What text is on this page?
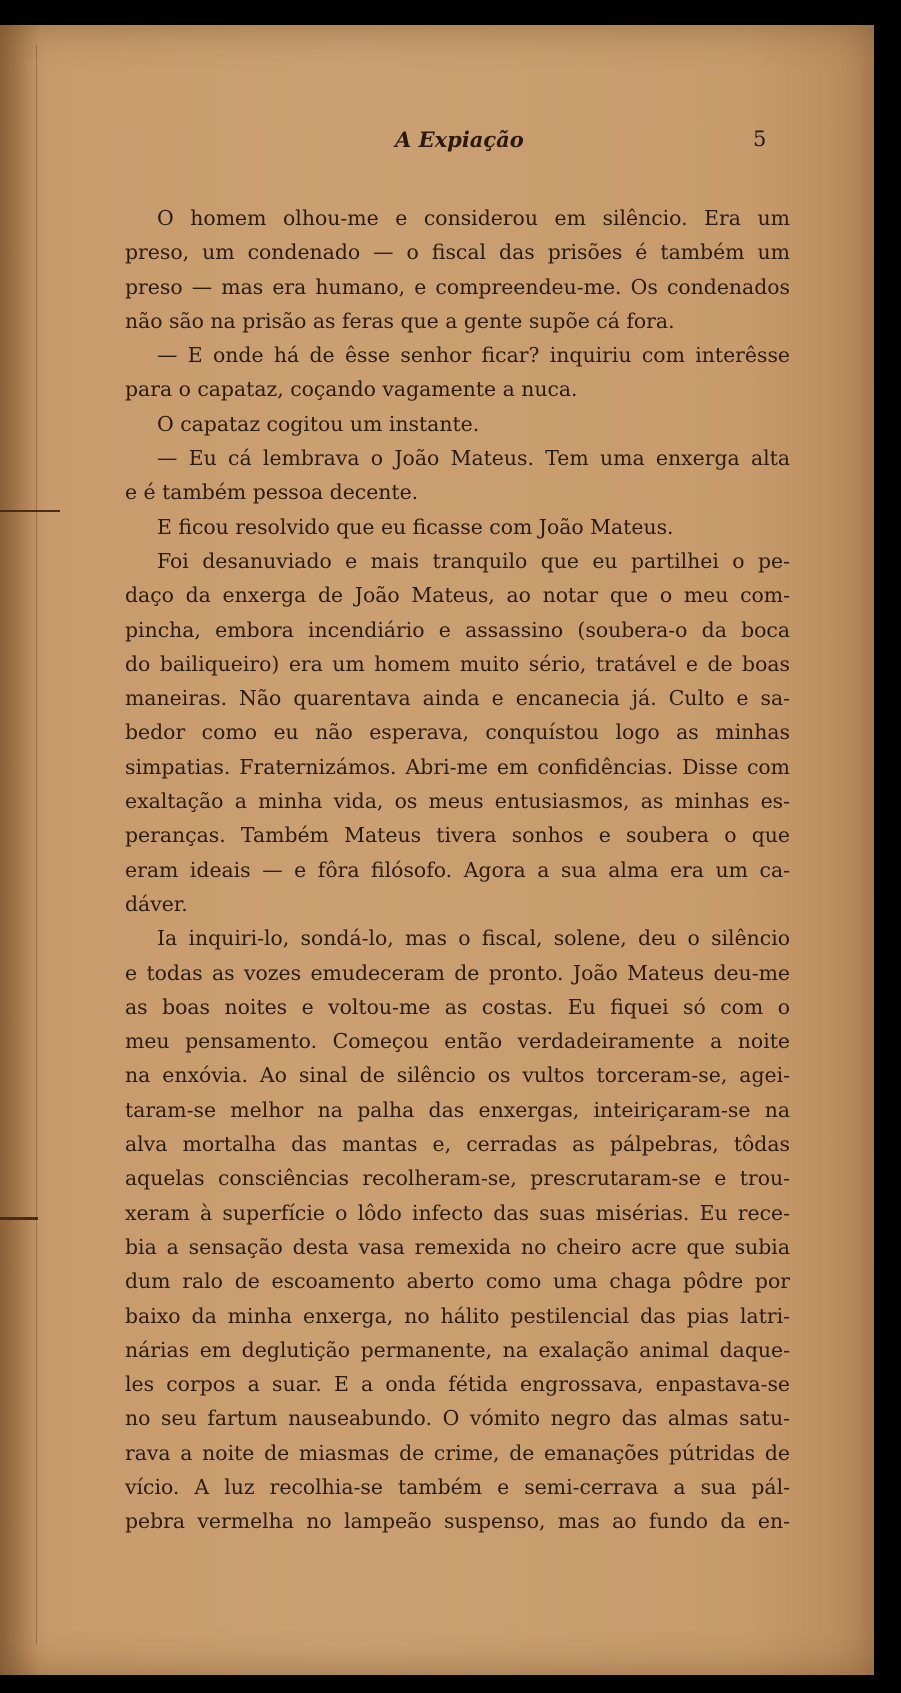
A Expiação	5
O homem olhou-me e considerou em silêncio. Era um
preso, um condenado — o fiscal das prisões é também um
preso — mas era humano, e compreendeu-me. Os condenados
não são na prisão as feras que a gente supõe cá fora.
— E onde há de êsse senhor ficar? inquiriu com interêsse
para o capataz, coçando vagamente a nuca.
O capataz cogitou um instante.
— Eu cá lembrava o João Mateus. Tem uma enxerga alta
e é também pessoa decente.
E ficou resolvido que eu ficasse com João Mateus.
Foi desanuviado e mais tranquilo que eu partilhei o pe-
daço da enxerga de João Mateus, ao notar que o meu com-
pincha, embora incendiário e assassino (soubera-o da boca
do bailiqueiro) era um homem muito sério, tratável e de boas
maneiras. Não quarentava ainda e encanecia já. Culto e sa-
bedor como eu não esperava, conquístou logo as minhas
simpatias. Fraternizámos. Abri-me em confidências. Disse com
exaltação a minha vida, os meus entusiasmos, as minhas es-
peranças. Também Mateus tivera sonhos e soubera o que
eram ideais — e fôra filósofo. Agora a sua alma era um ca-
dáver.
Ia inquiri-lo, sondá-lo, mas o fiscal, solene, deu o silêncio
e todas as vozes emudeceram de pronto. João Mateus deu-me
as boas noites e voltou-me as costas. Eu fiquei só com o
meu pensamento. Começou então verdadeiramente a noite
na enxóvia. Ao sinal de silêncio os vultos torceram-se, agei-
taram-se melhor na palha das enxergas, inteiriçaram-se na
alva mortalha das mantas e, cerradas as pálpebras, tôdas
aquelas consciências recolheram-se, prescrutaram-se e trou-
xeram à superfície o lôdo infecto das suas misérias. Eu rece-
bia a sensação desta vasa remexida no cheiro acre que subia
dum ralo de escoamento aberto como uma chaga pôdre por
baixo da minha enxerga, no hálito pestilencial das pias latri-
nárias em deglutição permanente, na exalação animal daque-
les corpos a suar. E a onda fétida engrossava, enpastava-se
no seu fartum nauseabundo. O vómito negro das almas satu-
rava a noite de miasmas de crime, de emanações pútridas de
vício. A luz recolhia-se também e semi-cerrava a sua pál-
pebra vermelha no lampeão suspenso, mas ao fundo da en-
